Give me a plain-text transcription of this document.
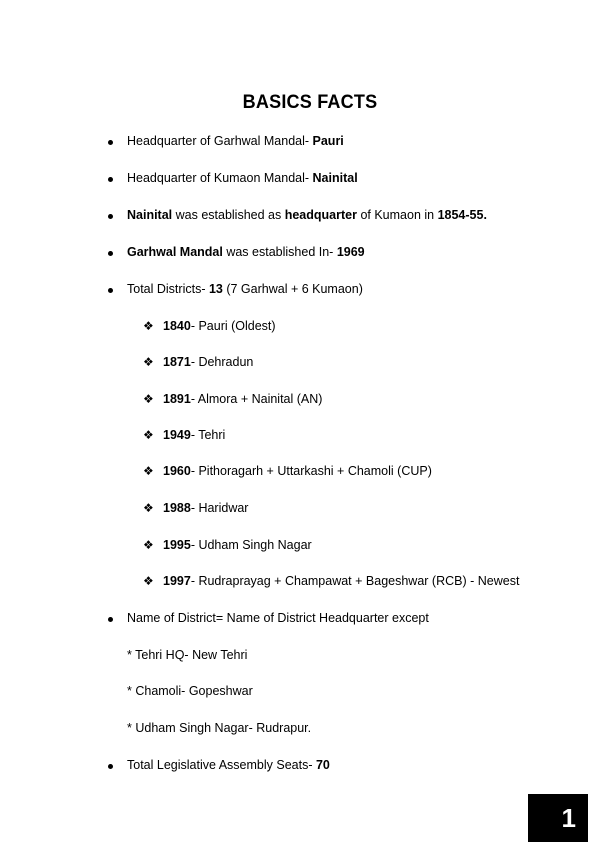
BASICS FACTS
Headquarter of Garhwal Mandal- Pauri
Headquarter of Kumaon Mandal- Nainital
Nainital was established as headquarter of Kumaon in 1854-55.
Garhwal Mandal was established In- 1969
Total Districts- 13 (7 Garhwal + 6 Kumaon)
❖ 1840- Pauri (Oldest)
❖ 1871- Dehradun
❖ 1891- Almora + Nainital (AN)
❖ 1949- Tehri
❖ 1960- Pithoragarh + Uttarkashi + Chamoli (CUP)
❖ 1988- Haridwar
❖ 1995- Udham Singh Nagar
❖ 1997- Rudraprayag + Champawat + Bageshwar (RCB) - Newest
Name of District= Name of District Headquarter except
* Tehri HQ- New Tehri
* Chamoli- Gopeshwar
* Udham Singh Nagar- Rudrapur.
Total Legislative Assembly Seats- 70
1
